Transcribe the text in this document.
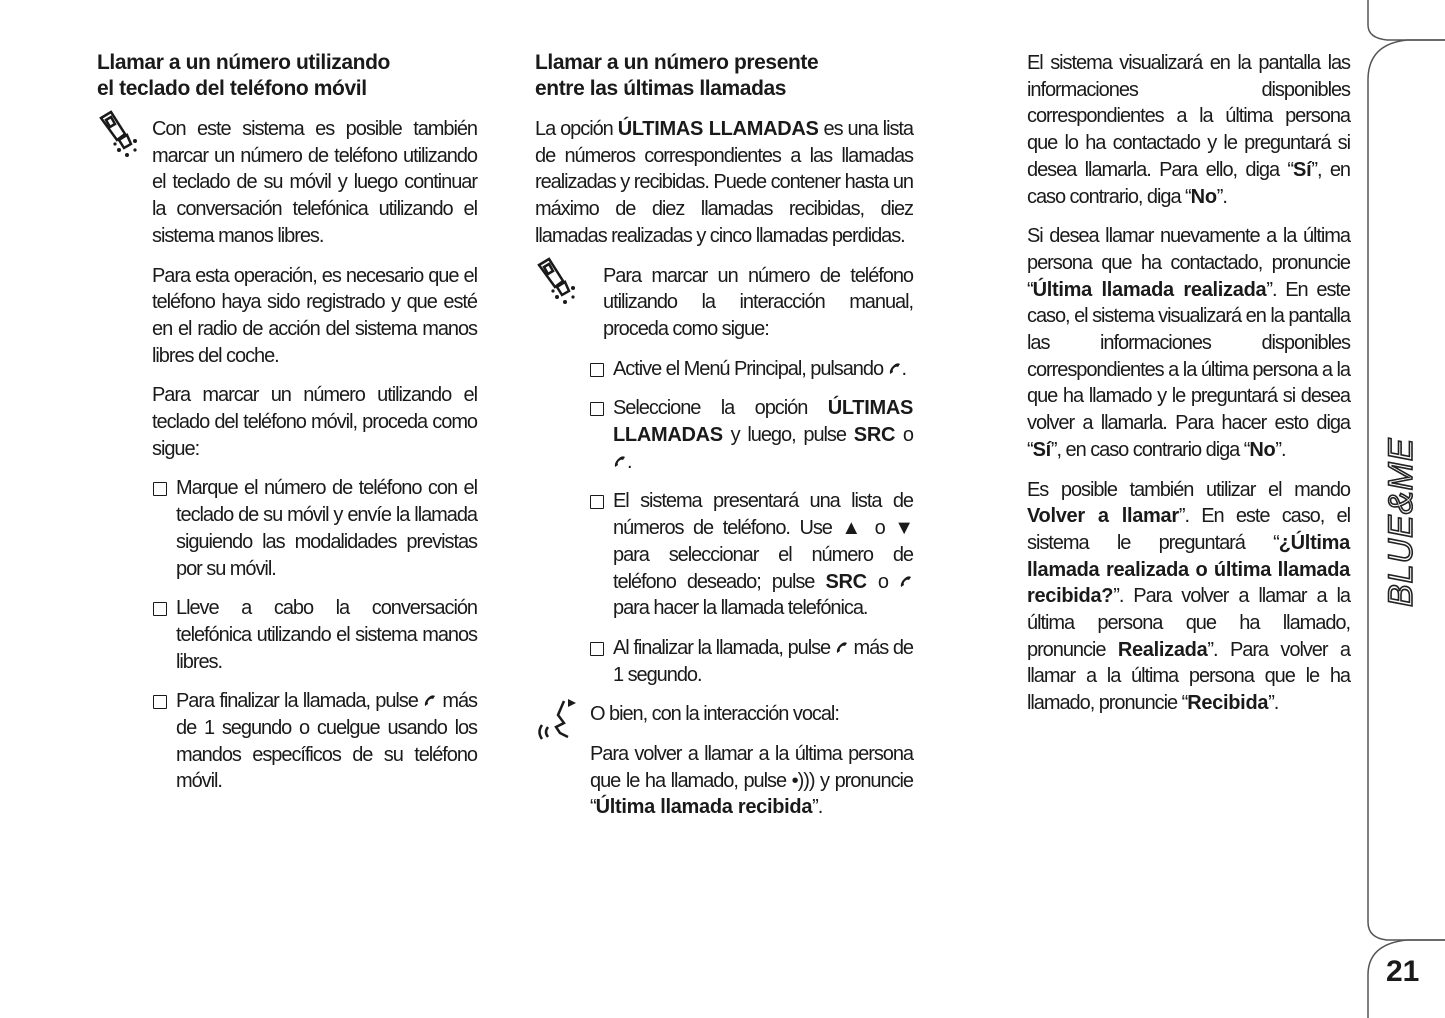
Llamar a un número utilizando
el teclado del teléfono móvil
Con este sistema es posible también marcar un número de teléfono utilizando el teclado de su móvil y luego continuar la conversación telefónica utilizando el sistema manos libres.
Para esta operación, es necesario que el teléfono haya sido registrado y que esté en el radio de acción del sistema manos libres del coche.
Para marcar un número utilizando el teclado del teléfono móvil, proceda como sigue:
Marque el número de teléfono con el teclado de su móvil y envíe la llamada siguiendo las modalidades previstas por su móvil.
Lleve a cabo la conversación telefónica utilizando el sistema manos libres.
Para finalizar la llamada, pulse  más de 1 segundo o cuelgue usando los mandos específicos de su teléfono móvil.
Llamar a un número presente
entre las últimas llamadas
La opción ÚLTIMAS LLAMADAS es una lista de números correspondientes a las llamadas realizadas y recibidas. Puede contener hasta un máximo de diez llamadas recibidas, diez llamadas realizadas y cinco llamadas perdidas.
Para marcar un número de teléfono utilizando la interacción manual, proceda como sigue:
Active el Menú Principal, pulsando .
Seleccione la opción ÚLTIMAS LLAMADAS y luego, pulse SRC o .
El sistema presentará una lista de números de teléfono. Use ▲ o ▼ para seleccionar el número de teléfono deseado; pulse SRC o  para hacer la llamada telefónica.
Al finalizar la llamada, pulse  más de 1 segundo.
O bien, con la interacción vocal:
Para volver a llamar a la última persona que le ha llamado, pulse •))) y pronuncie “Última llamada recibida”.
El sistema visualizará en la pantalla las informaciones disponibles correspondientes a la última persona que lo ha contactado y le preguntará si desea llamarla. Para ello, diga “Sí”, en caso contrario, diga “No”.
Si desea llamar nuevamente a la última persona que ha contactado, pronuncie “Última llamada realizada”. En este caso, el sistema visualizará en la pantalla las informaciones disponibles correspondientes a la última persona a la que ha llamado y le preguntará si desea volver a llamarla. Para hacer esto diga “Sí”, en caso contrario diga “No”.
Es posible también utilizar el mando Volver a llamar”. En este caso, el sistema le preguntará “¿Última llamada realizada o última llamada recibida?”. Para volver a llamar a la última persona que ha llamado, pronuncie Realizada”. Para volver a llamar a la última persona que le ha llamado, pronuncie “Recibida”.
BLUE&ME
21
